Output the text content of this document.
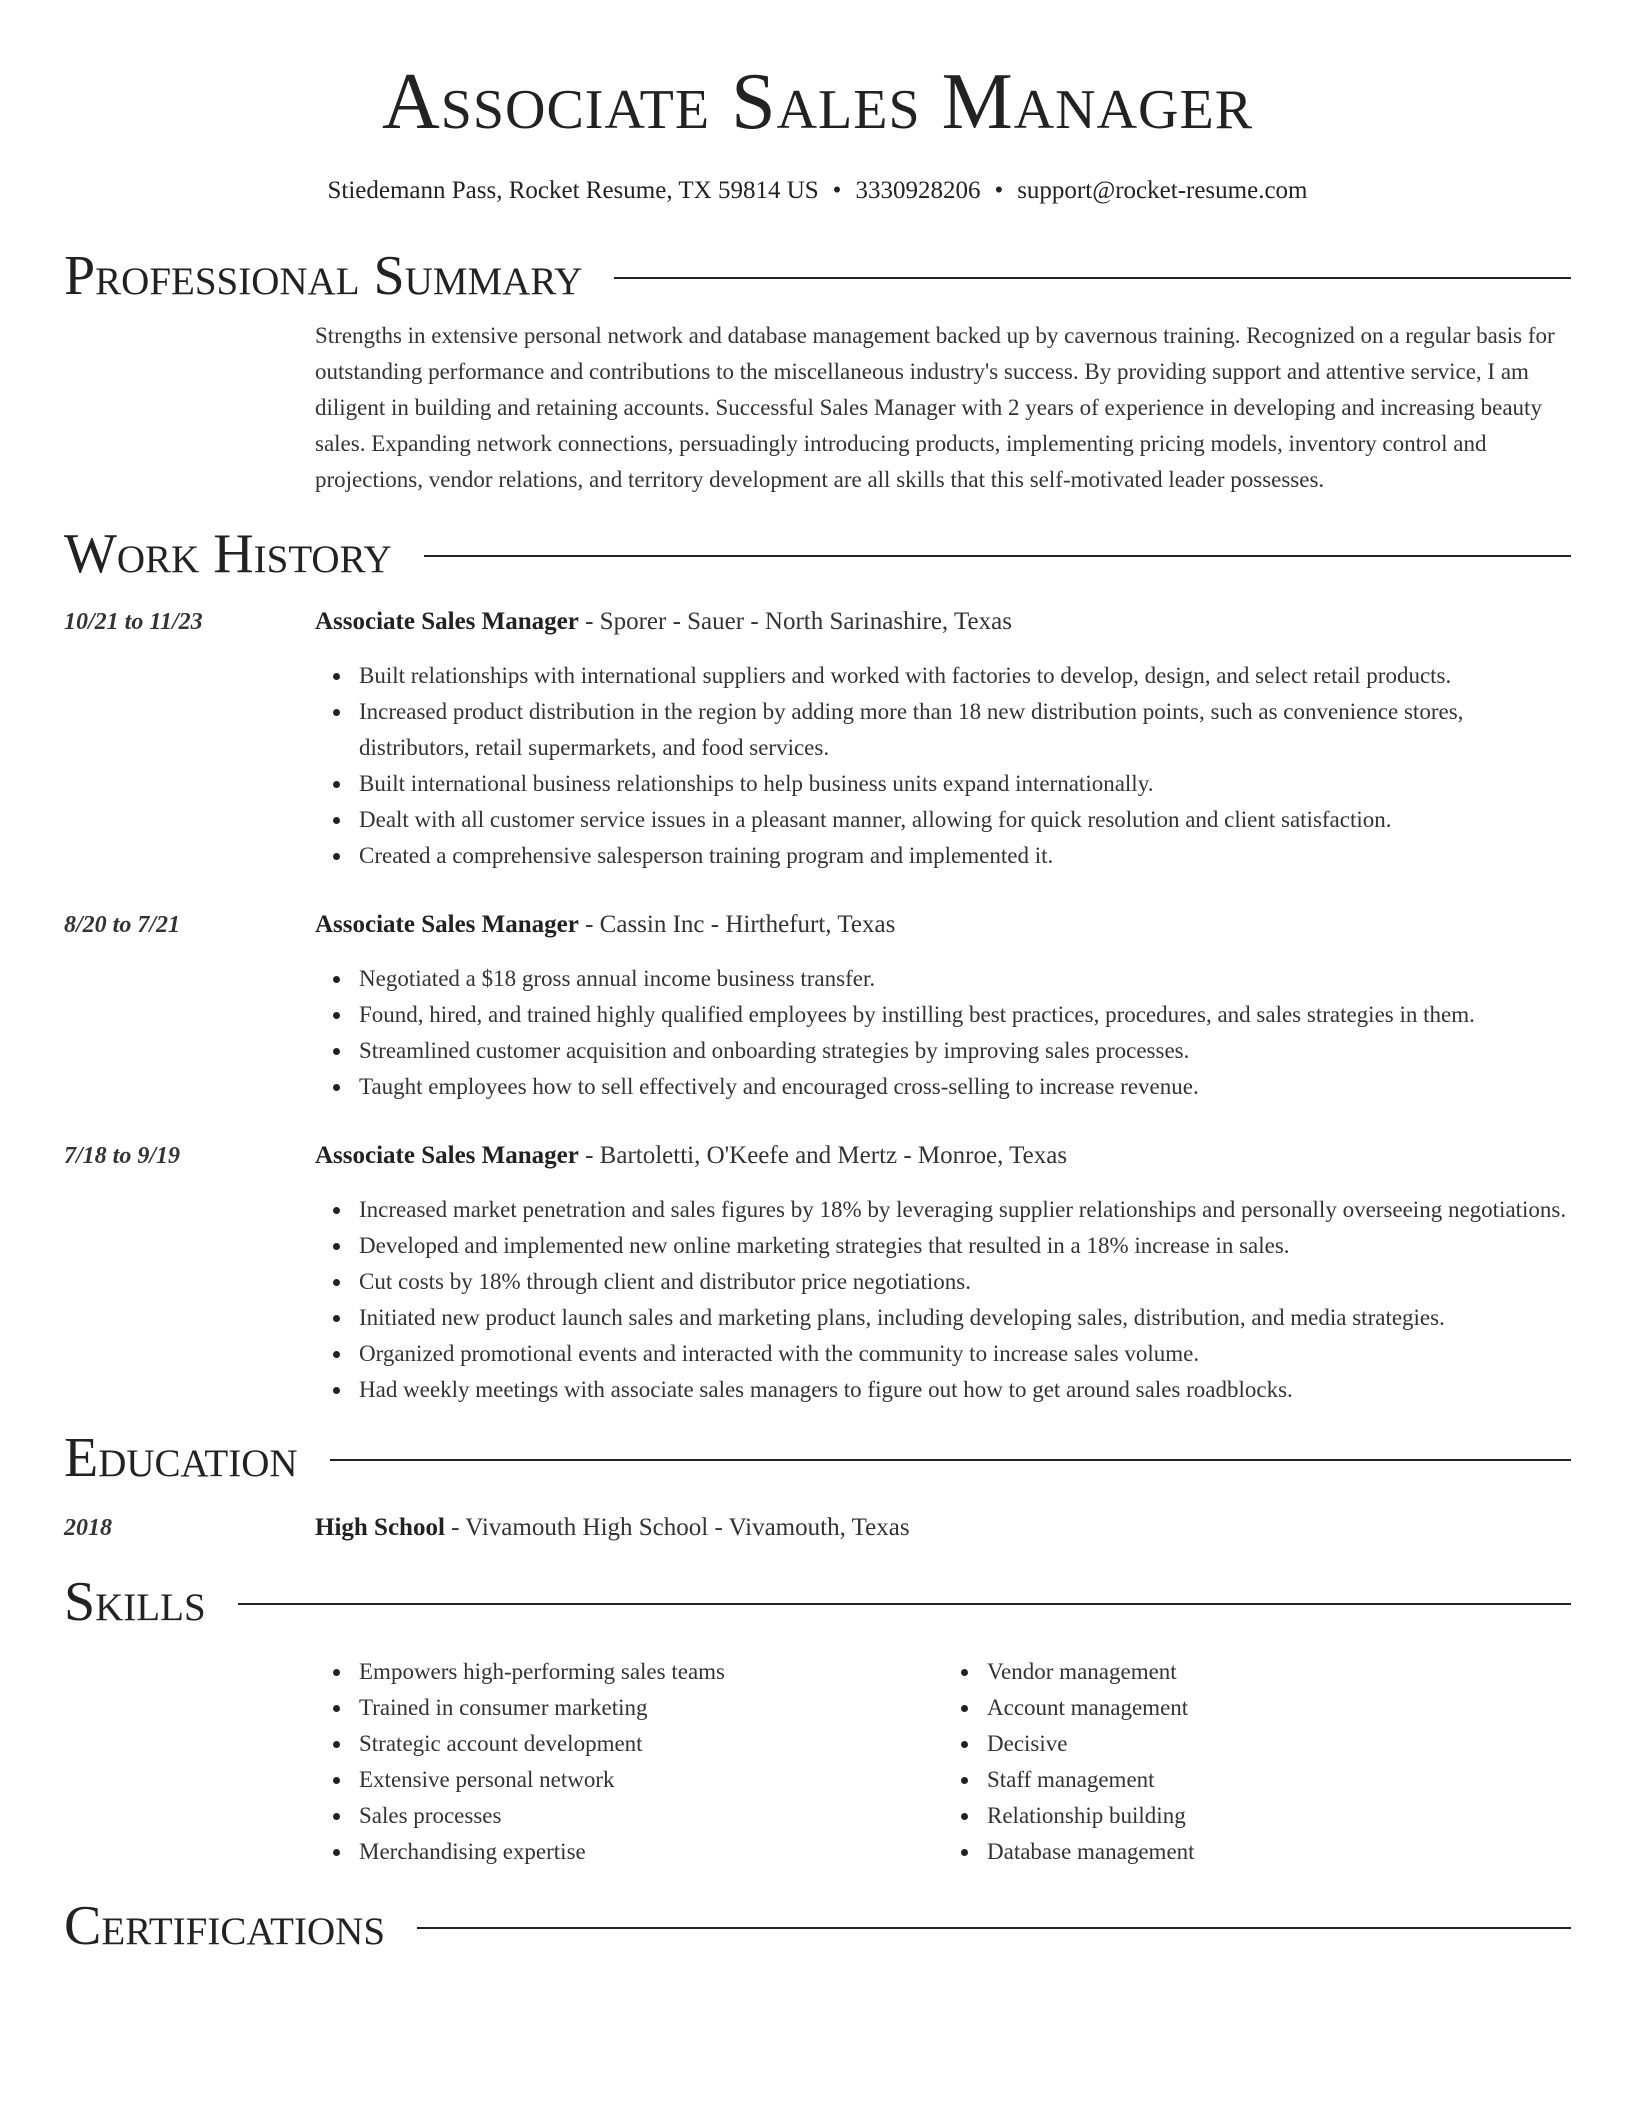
Associate Sales Manager
Stiedemann Pass, Rocket Resume, TX 59814 US • 3330928206 • support@rocket-resume.com
Professional Summary

Strengths in extensive personal network and database management backed up by cavernous training. Recognized on a regular basis for outstanding performance and contributions to the miscellaneous industry's success. By providing support and attentive service, I am diligent in building and retaining accounts. Successful Sales Manager with 2 years of experience in developing and increasing beauty sales. Expanding network connections, persuadingly introducing products, implementing pricing models, inventory control and projections, vendor relations, and territory development are all skills that this self-motivated leader possesses.

Work History
10/21 to 11/23	Associate Sales Manager - Sporer - Sauer - North Sarinashire, Texas
Built relationships with international suppliers and worked with factories to develop, design, and select retail products.
Increased product distribution in the region by adding more than 18 new distribution points, such as convenience stores, distributors, retail supermarkets, and food services.
Built international business relationships to help business units expand internationally.
Dealt with all customer service issues in a pleasant manner, allowing for quick resolution and client satisfaction.
Created a comprehensive salesperson training program and implemented it.
8/20 to 7/21	Associate Sales Manager - Cassin Inc - Hirthefurt, Texas
Negotiated a $18 gross annual income business transfer.
Found, hired, and trained highly qualified employees by instilling best practices, procedures, and sales strategies in them.
Streamlined customer acquisition and onboarding strategies by improving sales processes.
Taught employees how to sell effectively and encouraged cross-selling to increase revenue.
7/18 to 9/19	Associate Sales Manager - Bartoletti, O'Keefe and Mertz - Monroe, Texas
Increased market penetration and sales figures by 18% by leveraging supplier relationships and personally overseeing negotiations.
Developed and implemented new online marketing strategies that resulted in a 18% increase in sales.
Cut costs by 18% through client and distributor price negotiations.
Initiated new product launch sales and marketing plans, including developing sales, distribution, and media strategies.
Organized promotional events and interacted with the community to increase sales volume.
Had weekly meetings with associate sales managers to figure out how to get around sales roadblocks.
Education
2018	High School - Vivamouth High School - Vivamouth, Texas
Skills
Empowers high-performing sales teams
Trained in consumer marketing
Strategic account development
Extensive personal network
Sales processes
Merchandising expertise
Vendor management
Account management
Decisive
Staff management
Relationship building
Database management
Certifications
